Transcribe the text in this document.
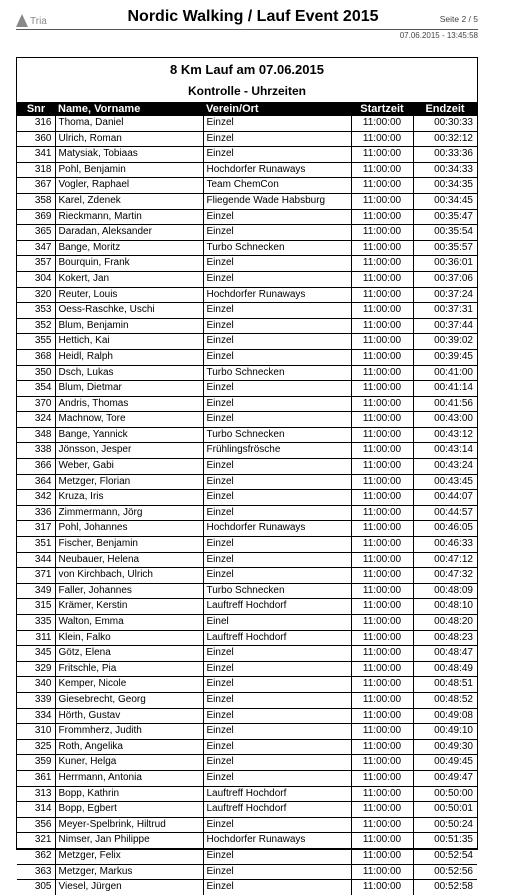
Tria	Nordic Walking / Lauf Event 2015	Seite 2 / 5
07.06.2015 - 13:45:58
8 Km Lauf am 07.06.2015
Kontrolle - Uhrzeiten
Snr	Name, Vorname	Verein/Ort	Startzeit	Endzeit
316	Thoma, Daniel	Einzel	11:00:00	00:30:33
360	Ulrich, Roman	Einzel	11:00:00	00:32:12
341	Matysiak, Tobiaas	Einzel	11:00:00	00:33:36
318	Pohl, Benjamin	Hochdorfer Runaways	11:00:00	00:34:33
367	Vogler, Raphael	Team ChemCon	11:00:00	00:34:35
358	Karel, Zdenek	Fliegende Wade Habsburg	11:00:00	00:34:45
369	Rieckmann, Martin	Einzel	11:00:00	00:35:47
365	Daradan, Aleksander	Einzel	11:00:00	00:35:54
347	Bange, Moritz	Turbo Schnecken	11:00:00	00:35:57
357	Bourquin, Frank	Einzel	11:00:00	00:36:01
304	Kokert, Jan	Einzel	11:00:00	00:37:06
320	Reuter, Louis	Hochdorfer Runaways	11:00:00	00:37:24
353	Oess-Raschke, Uschi	Einzel	11:00:00	00:37:31
352	Blum, Benjamin	Einzel	11:00:00	00:37:44
355	Hettich, Kai	Einzel	11:00:00	00:39:02
368	Heidl, Ralph	Einzel	11:00:00	00:39:45
350	Dsch, Lukas	Turbo Schnecken	11:00:00	00:41:00
354	Blum, Dietmar	Einzel	11:00:00	00:41:14
370	Andris, Thomas	Einzel	11:00:00	00:41:56
324	Machnow, Tore	Einzel	11:00:00	00:43:00
348	Bange, Yannick	Turbo Schnecken	11:00:00	00:43:12
338	Jönsson, Jesper	Frühlingsfrösche	11:00:00	00:43:14
366	Weber, Gabi	Einzel	11:00:00	00:43:24
364	Metzger, Florian	Einzel	11:00:00	00:43:45
342	Kruza, Iris	Einzel	11:00:00	00:44:07
336	Zimmermann, Jörg	Einzel	11:00:00	00:44:57
317	Pohl, Johannes	Hochdorfer Runaways	11:00:00	00:46:05
351	Fischer, Benjamin	Einzel	11:00:00	00:46:33
344	Neubauer, Helena	Einzel	11:00:00	00:47:12
371	von Kirchbach, Ulrich	Einzel	11:00:00	00:47:32
349	Faller, Johannes	Turbo Schnecken	11:00:00	00:48:09
315	Krämer, Kerstin	Lauftreff Hochdorf	11:00:00	00:48:10
335	Walton, Emma	Einel	11:00:00	00:48:20
311	Klein, Falko	Lauftreff Hochdorf	11:00:00	00:48:23
345	Götz, Elena	Einzel	11:00:00	00:48:47
329	Fritschle, Pia	Einzel	11:00:00	00:48:49
340	Kemper, Nicole	Einzel	11:00:00	00:48:51
339	Giesebrecht, Georg	Einzel	11:00:00	00:48:52
334	Hörth, Gustav	Einzel	11:00:00	00:49:08
310	Frommherz, Judith	Einzel	11:00:00	00:49:10
325	Roth, Angelika	Einzel	11:00:00	00:49:30
359	Kuner, Helga	Einzel	11:00:00	00:49:45
361	Herrmann, Antonia	Einzel	11:00:00	00:49:47
313	Bopp, Kathrin	Lauftreff Hochdorf	11:00:00	00:50:00
314	Bopp, Egbert	Lauftreff Hochdorf	11:00:00	00:50:01
356	Meyer-Spelbrink, Hiltrud	Einzel	11:00:00	00:50:24
321	Nimser, Jan Philippe	Hochdorfer Runaways	11:00:00	00:51:35
362	Metzger, Felix	Einzel	11:00:00	00:52:54
363	Metzger, Markus	Einzel	11:00:00	00:52:56
305	Viesel, Jürgen	Einzel	11:00:00	00:52:58
